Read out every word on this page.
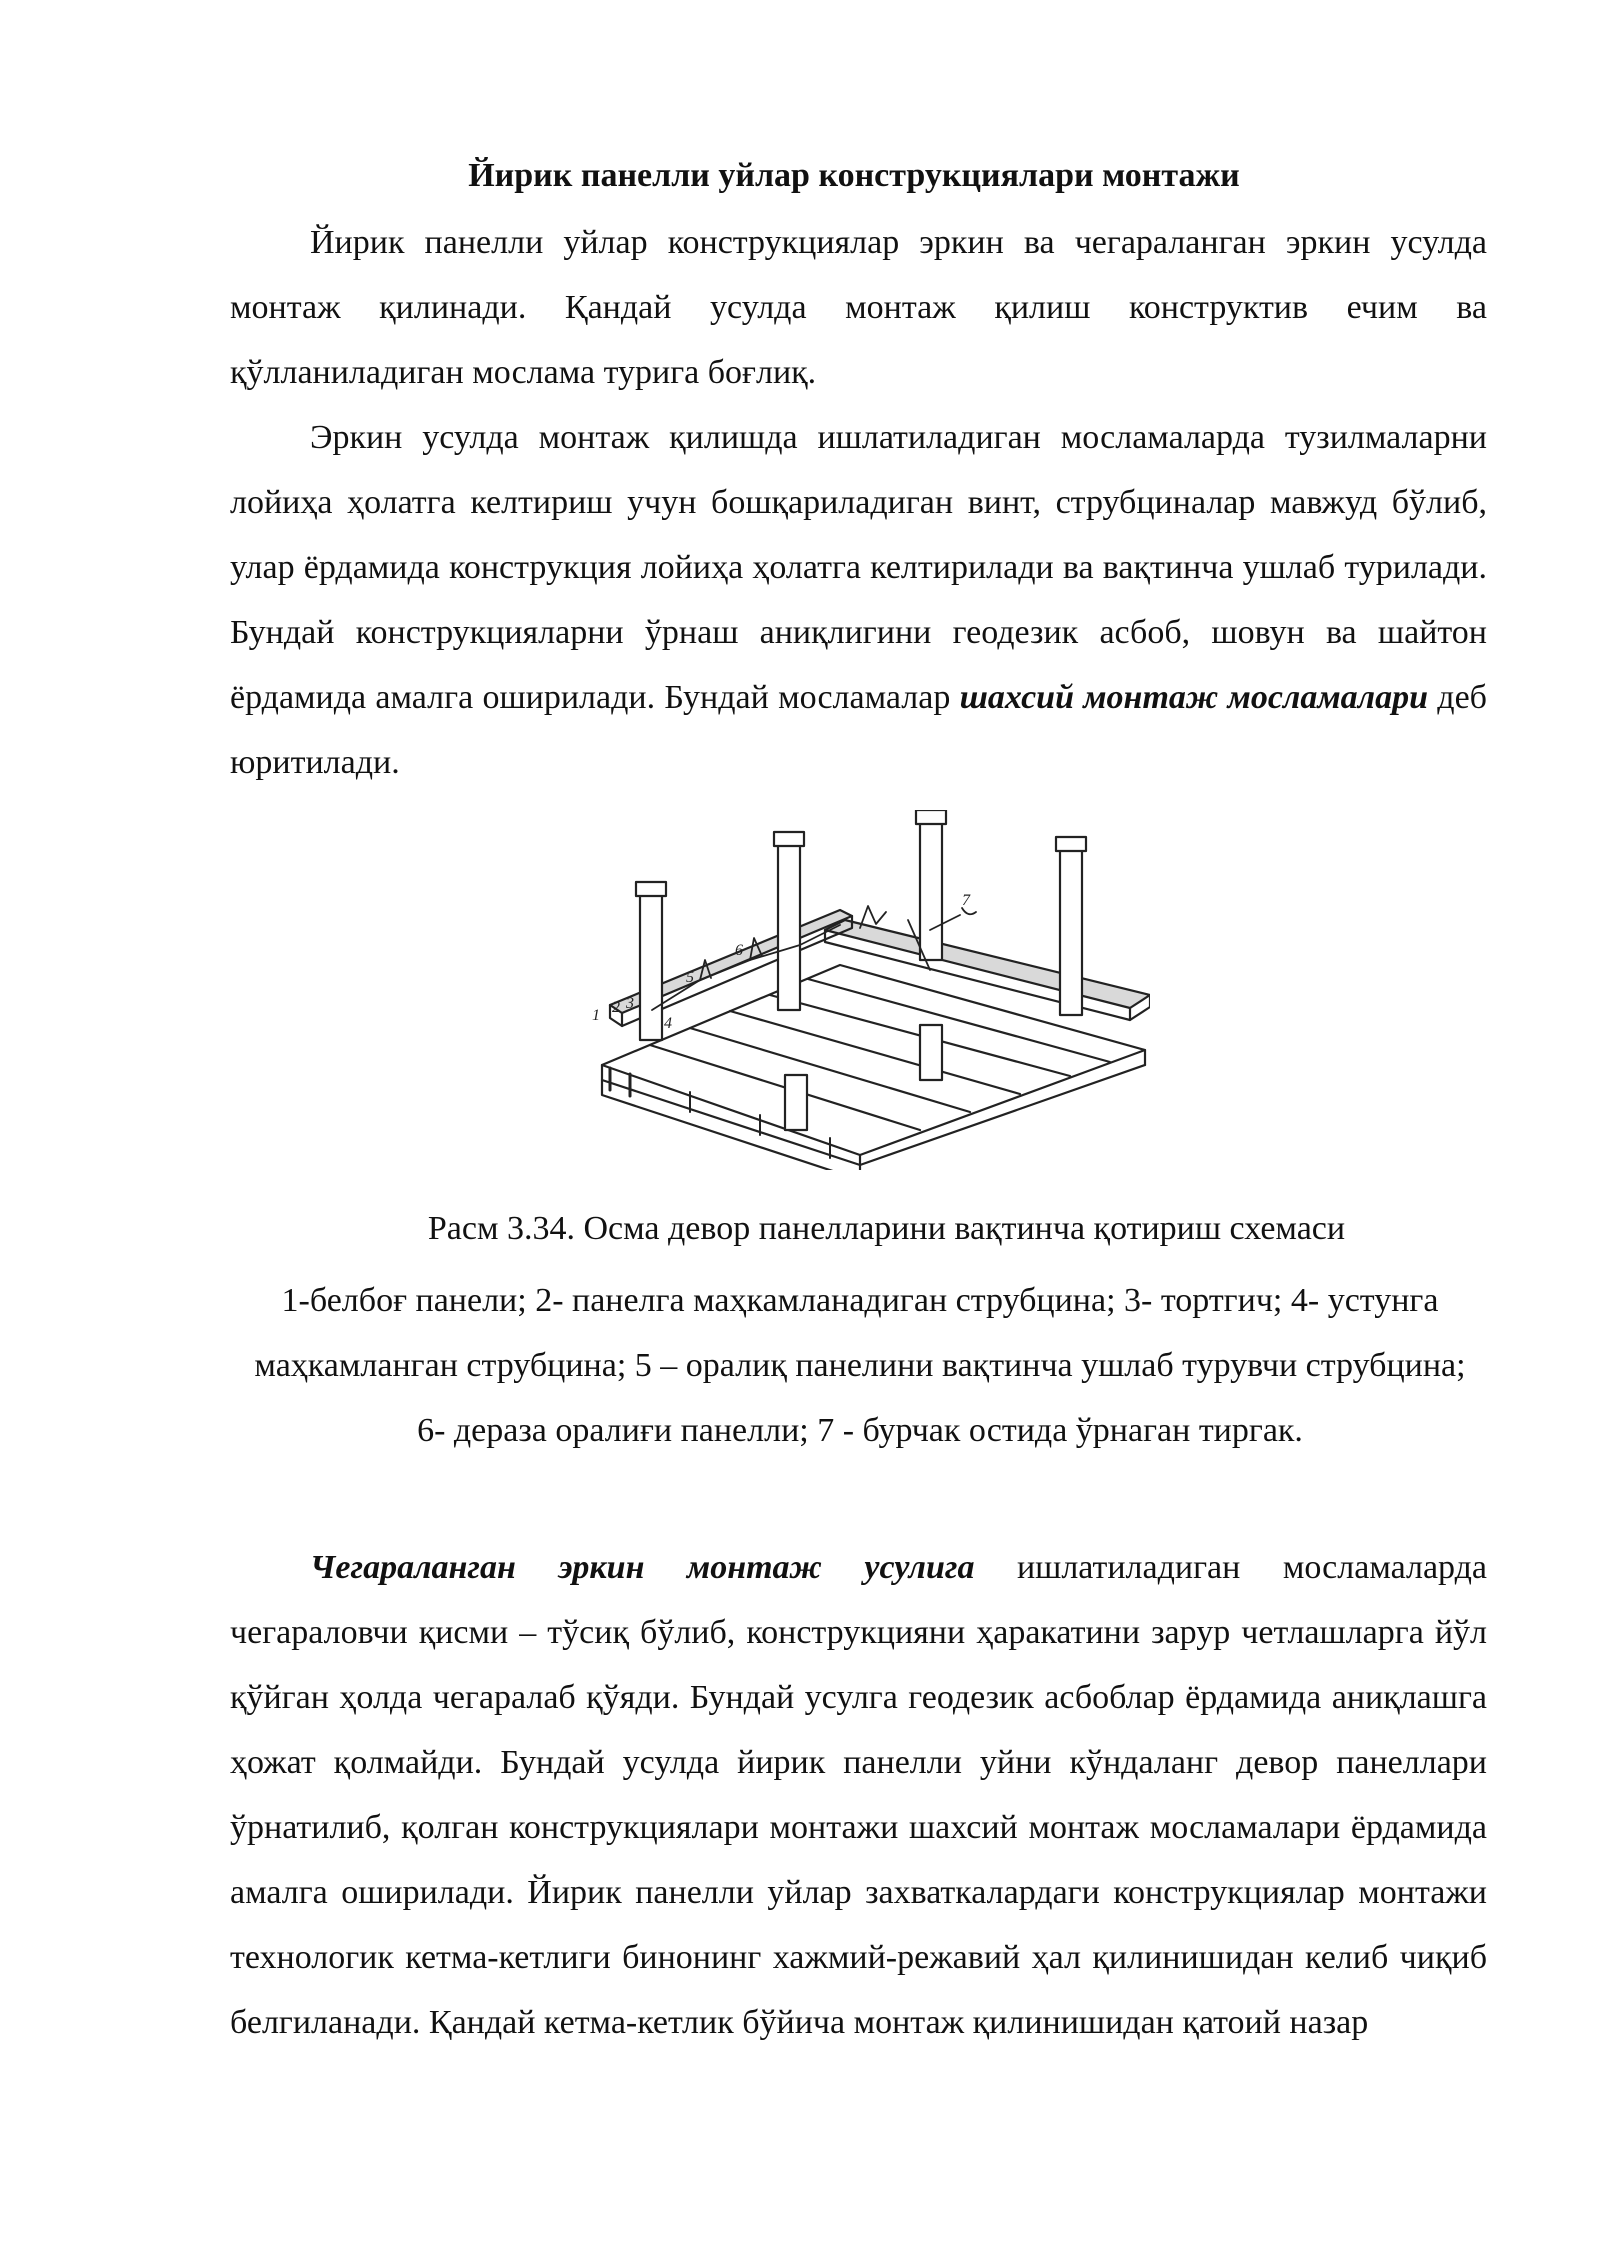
Йирик панелли уйлар конструкциялари монтажи

Йирик панелли уйлар конструкциялар эркин ва чегараланган эркин усулда монтаж қилинади. Қандай усулда монтаж қилиш конструктив ечим ва қўлланиладиган мослама турига боғлиқ.

Эркин усулда монтаж қилишда ишлатиладиган мосламаларда тузилмаларни лойиҳа ҳолатга келтириш учун бошқариладиган винт, струбциналар мавжуд бўлиб, улар ёрдамида конструкция лойиҳа ҳолатга келтирилади ва вақтинча ушлаб турилади. Бундай конструкцияларни ўрнаш аниқлигини геодезик асбоб, шовун ва шайтон ёрдамида амалга оширилади. Бундай мосламалар шахсий монтаж мосламалари деб юритилади.

1 2 3
4
5
6
7
Расм 3.34. Осма девор панелларини вақтинча қотириш схемаси
1-белбоғ панели; 2- панелга маҳкамланадиган струбцина; 3- тортгич; 4- устунга маҳкамланган струбцина; 5 – оралиқ панелини вақтинча ушлаб турувчи струбцина; 6- дераза оралиғи панелли; 7 - бурчак остида ўрнаган тиргак.

Чегараланган эркин монтаж усулига ишлатиладиган мосламаларда чегараловчи қисми – тўсиқ бўлиб, конструкцияни ҳаракатини зарур четлашларга йўл қўйган ҳолда чегаралаб қўяди. Бундай усулга геодезик асбоблар ёрдамида аниқлашга ҳожат қолмайди. Бундай усулда йирик панелли уйни кўндаланг девор панеллари ўрнатилиб, қолган конструкциялари монтажи шахсий монтаж мосламалари ёрдамида амалга оширилади. Йирик панелли уйлар захваткалардаги конструкциялар монтажи технологик кетма-кетлиги бинонинг хажмий-режавий ҳал қилинишидан келиб чиқиб белгиланади. Қандай кетма-кетлик бўйича монтаж қилинишидан қатоий назар
